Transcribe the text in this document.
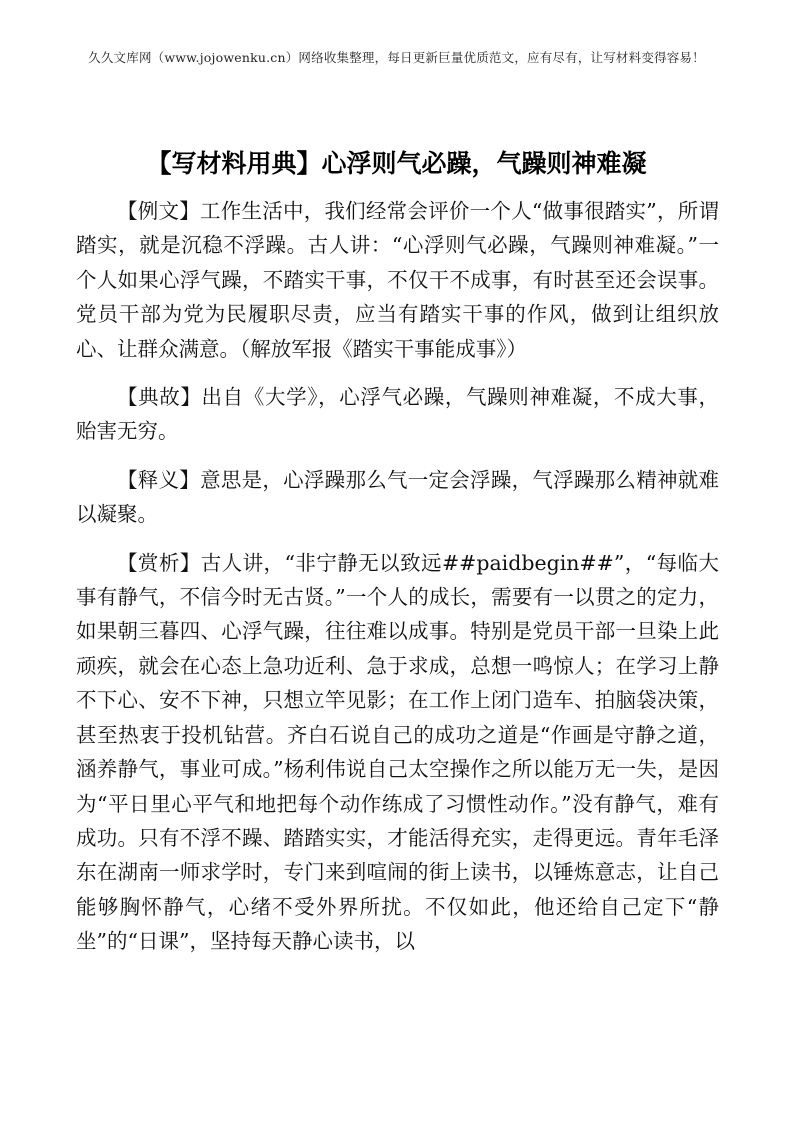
久久文库网（www.jojowenku.cn）网络收集整理，每日更新巨量优质范文，应有尽有，让写材料变得容易！
【写材料用典】心浮则气必躁，气躁则神难凝

【例文】工作生活中，我们经常会评价一个人“做事很踏实”，所谓踏实，就是沉稳不浮躁。古人讲：“心浮则气必躁，气躁则神难凝。”一个人如果心浮气躁，不踏实干事，不仅干不成事，有时甚至还会误事。党员干部为党为民履职尽责，应当有踏实干事的作风，做到让组织放心、让群众满意。（解放军报《踏实干事能成事》）

【典故】出自《大学》，心浮气必躁，气躁则神难凝，不成大事，贻害无穷。

【释义】意思是，心浮躁那么气一定会浮躁，气浮躁那么精神就难以凝聚。

【赏析】古人讲，“非宁静无以致远##paidbegin##”，“每临大事有静气，不信今时无古贤。”一个人的成长，需要有一以贯之的定力，如果朝三暮四、心浮气躁，往往难以成事。特别是党员干部一旦染上此顽疾，就会在心态上急功近利、急于求成，总想一鸣惊人；在学习上静不下心、安不下神，只想立竿见影；在工作上闭门造车、拍脑袋决策，甚至热衷于投机钻营。齐白石说自己的成功之道是“作画是守静之道，涵养静气，事业可成。”杨利伟说自己太空操作之所以能万无一失，是因为“平日里心平气和地把每个动作练成了习惯性动作。”没有静气，难有成功。只有不浮不躁、踏踏实实，才能活得充实，走得更远。青年毛泽东在湖南一师求学时，专门来到喧闹的街上读书，以锤炼意志，让自己能够胸怀静气，心绪不受外界所扰。不仅如此，他还给自己定下“静坐”的“日课”，坚持每天静心读书，以
